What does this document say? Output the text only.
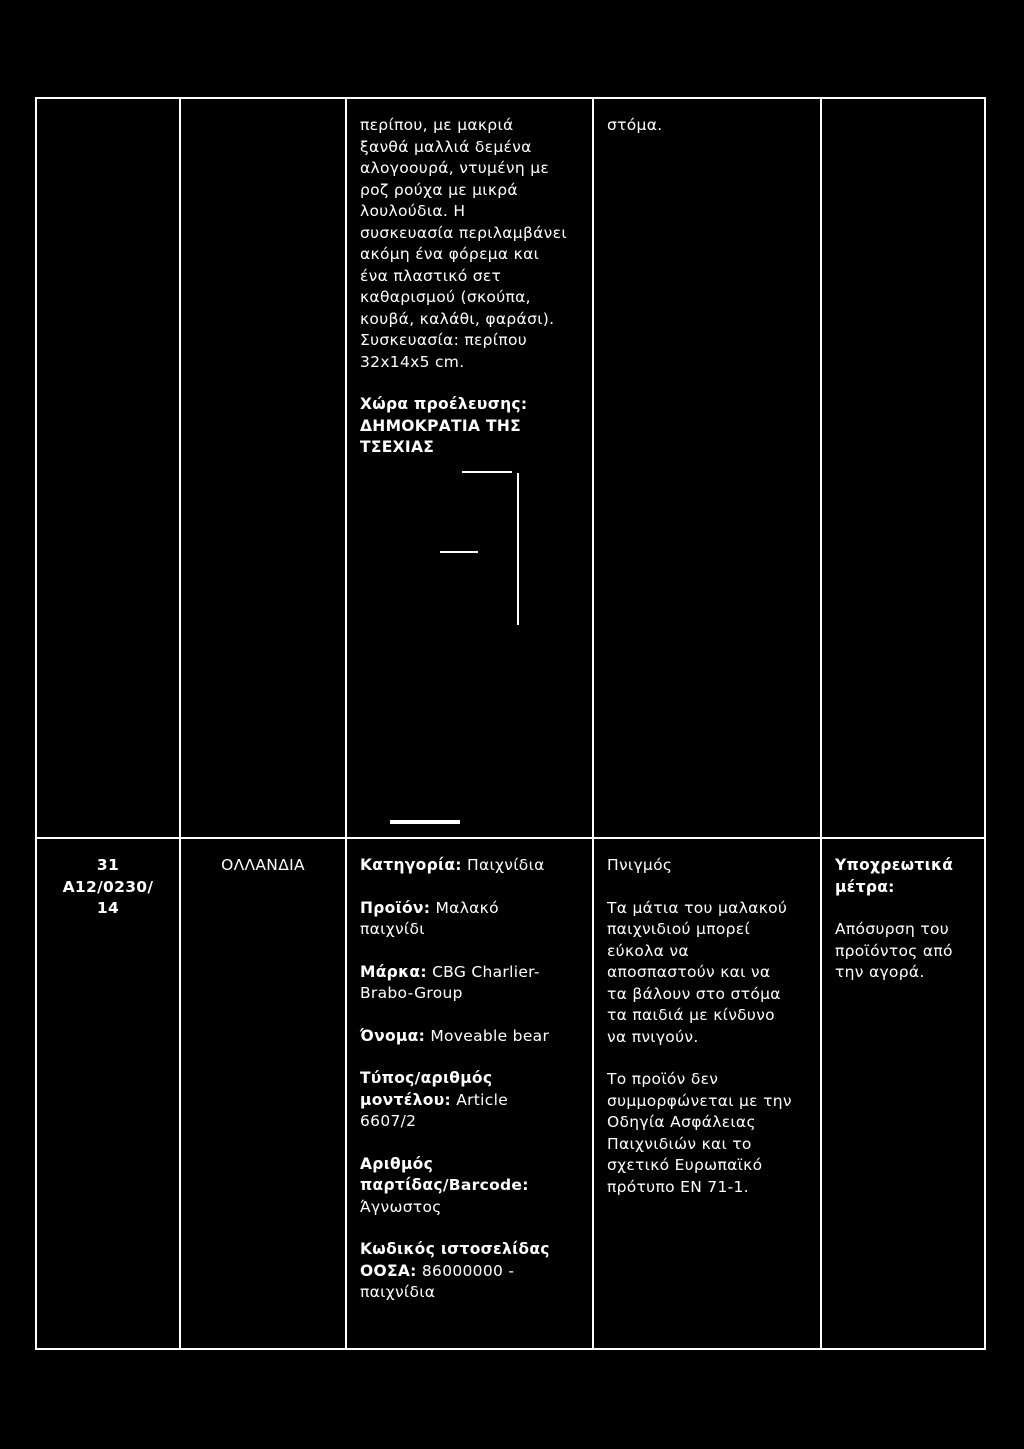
περίπου, με μακριά
ξανθά μαλλιά δεμένα
αλογοουρά, ντυμένη με
ροζ ρούχα με μικρά
λουλούδια. Η
συσκευασία περιλαμβάνει
ακόμη ένα φόρεμα και
ένα πλαστικό σετ
καθαρισμού (σκούπα,
κουβά, καλάθι, φαράσι).
Συσκευασία: περίπου
32x14x5 cm.
Χώρα προέλευσης:
ΔΗΜΟΚΡΑΤΙΑ ΤΗΣ
ΤΣΕΧΙΑΣ
στόμα.
31
A12/0230/
14
ΟΛΛΑΝΔΙΑ	Κατηγορία: Παιχνίδια
Προϊόν: Μαλακό
παιχνίδι
Μάρκα: CBG Charlier-
Brabo-Group
Όνομα: Moveable bear
Τύπος/αριθμός
μοντέλου: Article
6607/2
Αριθμός
παρτίδας/Barcode:
Άγνωστος
Κωδικός ιστοσελίδας
ΟΟΣΑ: 86000000 -
παιχνίδια
Πνιγμός
Τα μάτια του μαλακού
παιχνιδιού μπορεί
εύκολα να
αποσπαστούν και να
τα βάλουν στο στόμα
τα παιδιά με κίνδυνο
να πνιγούν.
Το προϊόν δεν
συμμορφώνεται με την
Οδηγία Ασφάλειας
Παιχνιδιών και το
σχετικό Ευρωπαϊκό
πρότυπο EN 71-1.
Υποχρεωτικά
μέτρα:
Απόσυρση του
προϊόντος από
την αγορά.
